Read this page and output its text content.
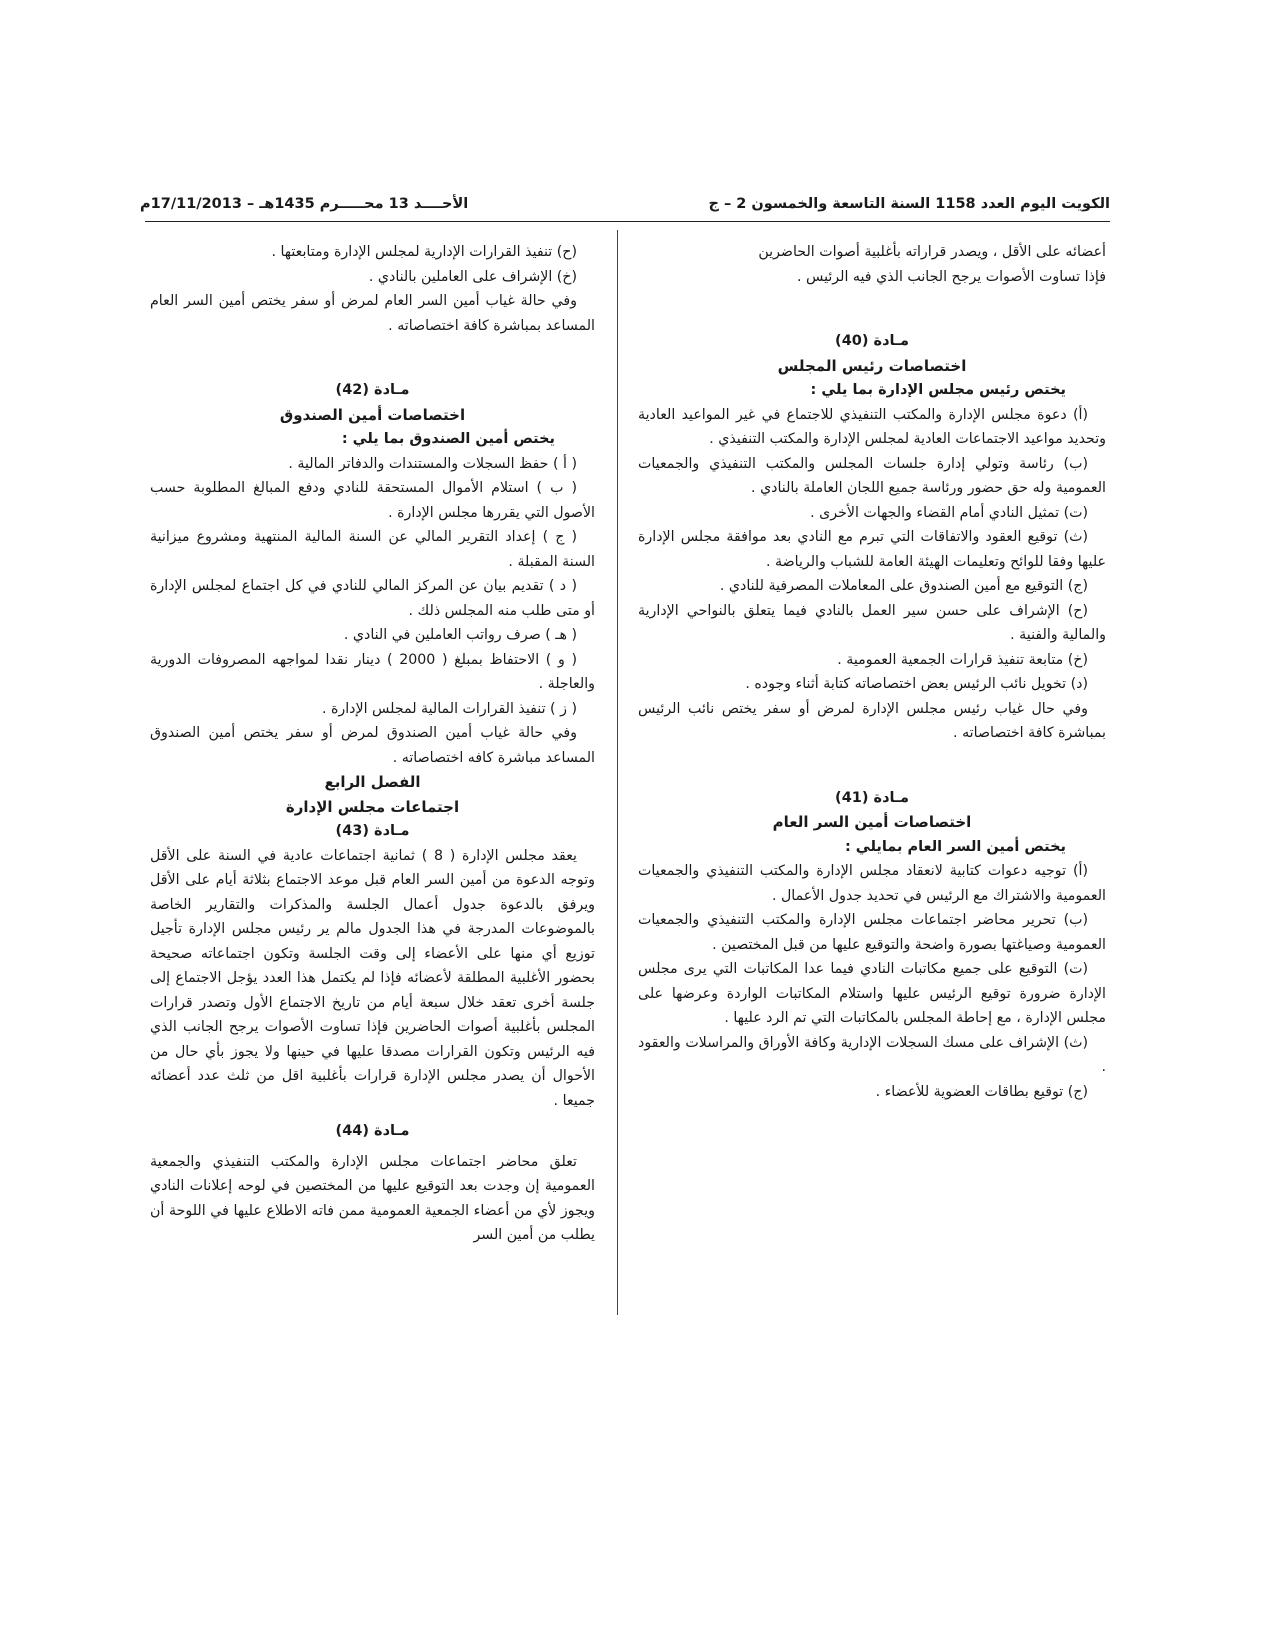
الكويت اليوم العدد 1158 السنة التاسعة والخمسون 2 – ج
الأحــــد 13 محـــــرم 1435هـ – 17/11/2013م

أعضائه على الأقل ، ويصدر قراراته بأغلبية أصوات الحاضرين

فإذا تساوت الأصوات يرجح الجانب الذي فيه الرئيس .

مـادة (40)

اختصاصات رئيس المجلس

يختص رئيس مجلس الإدارة بما يلي :

(أ) دعوة مجلس الإدارة والمكتب التنفيذي للاجتماع في غير المواعيد العادية وتحديد مواعيد الاجتماعات العادية لمجلس الإدارة والمكتب التنفيذي .

(ب) رئاسة وتولي إدارة جلسات المجلس والمكتب التنفيذي والجمعيات العمومية وله حق حضور ورئاسة جميع اللجان العاملة بالنادي .

(ت) تمثيل النادي أمام القضاء والجهات الأخرى .

(ث) توقيع العقود والاتفاقات التي تبرم مع النادي بعد موافقة مجلس الإدارة عليها وفقا للوائح وتعليمات الهيئة العامة للشباب والرياضة .

(ج) التوقيع مع أمين الصندوق على المعاملات المصرفية للنادي .

(ح) الإشراف على حسن سير العمل بالنادي فيما يتعلق بالنواحي الإدارية والمالية والفنية .

(خ) متابعة تنفيذ قرارات الجمعية العمومية .

(د) تخويل نائب الرئيس بعض اختصاصاته كتابة أثناء وجوده .

وفي حال غياب رئيس مجلس الإدارة لمرض أو سفر يختص نائب الرئيس بمباشرة كافة اختصاصاته .

مـادة (41)

اختصاصات أمين السر العام

يختص أمين السر العام بمايلي :

(أ) توجيه دعوات كتابية لانعقاد مجلس الإدارة والمكتب التنفيذي والجمعيات العمومية والاشتراك مع الرئيس في تحديد جدول الأعمال .

(ب) تحرير محاضر اجتماعات مجلس الإدارة والمكتب التنفيذي والجمعيات العمومية وصياغتها بصورة واضحة والتوقيع عليها من قبل المختصين .

(ت) التوقيع على جميع مكاتبات النادي فيما عدا المكاتبات التي يرى مجلس الإدارة ضرورة توقيع الرئيس عليها واستلام المكاتبات الواردة وعرضها على مجلس الإدارة ، مع إحاطة المجلس بالمكاتبات التي تم الرد عليها .

(ث) الإشراف على مسك السجلات الإدارية وكافة الأوراق والمراسلات والعقود .

(ج) توقيع بطاقات العضوية للأعضاء .

(ح) تنفيذ القرارات الإدارية لمجلس الإدارة ومتابعتها .

(خ) الإشراف على العاملين بالنادي .

وفي حالة غياب أمين السر العام لمرض أو سفر يختص أمين السر العام المساعد بمباشرة كافة اختصاصاته .

مـادة (42)

اختصاصات أمين الصندوق

يختص أمين الصندوق بما يلي :

( أ ) حفظ السجلات والمستندات والدفاتر المالية .

( ب ) استلام الأموال المستحقة للنادي ودفع المبالغ المطلوبة حسب الأصول التي يقررها مجلس الإدارة .

( ج ) إعداد التقرير المالي عن السنة المالية المنتهية ومشروع ميزانية السنة المقبلة .

( د ) تقديم بيان عن المركز المالي للنادي في كل اجتماع لمجلس الإدارة أو متى طلب منه المجلس ذلك .

( هـ ) صرف رواتب العاملين في النادي .

( و ) الاحتفاظ بمبلغ ( 2000 ) دينار نقدا لمواجهه المصروفات الدورية والعاجلة .

( ز ) تنفيذ القرارات المالية لمجلس الإدارة .

وفي حالة غياب أمين الصندوق لمرض أو سفر يختص أمين الصندوق المساعد مباشرة كافه اختصاصاته .

الفصل الرابع

اجتماعات مجلس الإدارة

مـادة (43)

يعقد مجلس الإدارة ( 8 ) ثمانية اجتماعات عادية في السنة على الأقل وتوجه الدعوة من أمين السر العام قبل موعد الاجتماع بثلاثة أيام على الأقل ويرفق بالدعوة جدول أعمال الجلسة والمذكرات والتقارير الخاصة بالموضوعات المدرجة في هذا الجدول مالم ير رئيس مجلس الإدارة تأجيل توزيع أي منها على الأعضاء إلى وقت الجلسة وتكون اجتماعاته صحيحة بحضور الأغلبية المطلقة لأعضائه فإذا لم يكتمل هذا العدد يؤجل الاجتماع إلى جلسة أخرى تعقد خلال سبعة أيام من تاريخ الاجتماع الأول وتصدر قرارات المجلس بأغلبية أصوات الحاضرين فإذا تساوت الأصوات يرجح الجانب الذي فيه الرئيس وتكون القرارات مصدقا عليها في حينها ولا يجوز بأي حال من الأحوال أن يصدر مجلس الإدارة قرارات بأغلبية اقل من ثلث عدد أعضائه جميعا .

مـادة (44)

تعلق محاضر اجتماعات مجلس الإدارة والمكتب التنفيذي والجمعية العمومية إن وجدت بعد التوقيع عليها من المختصين في لوحه إعلانات النادي ويجوز لأي من أعضاء الجمعية العمومية ممن فاته الاطلاع عليها في اللوحة أن يطلب من أمين السر
